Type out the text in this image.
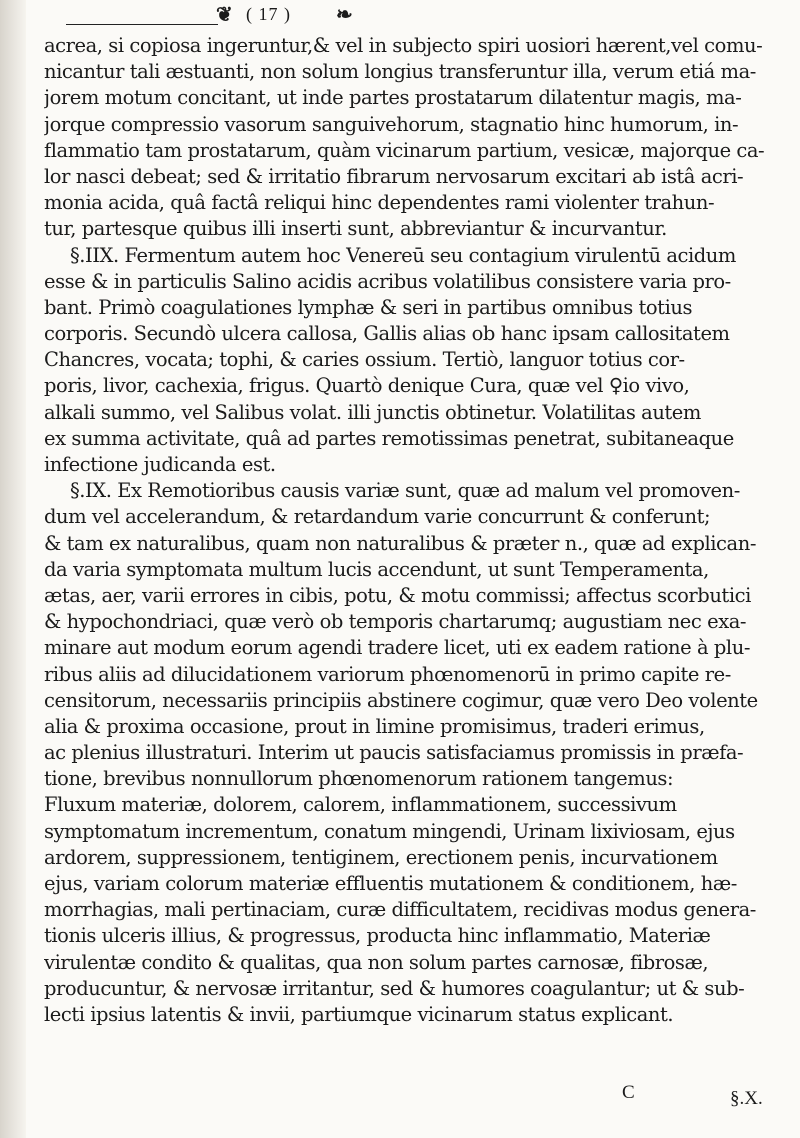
❦ ( 17 ) ❧
acrea, si copiosa ingeruntur,& vel in subjecto spiri uosiori hærent,vel comu-
nicantur tali æstuanti, non solum longius transferuntur illa, verum etiá ma-
jorem motum concitant, ut inde partes prostatarum dilatentur magis, ma-
jorque compressio vasorum sanguivehorum, stagnatio hinc humorum, in-
flammatio tam prostatarum, quàm vicinarum partium, vesicæ, majorque ca-
lor nasci debeat; sed & irritatio fibrarum nervosarum excitari ab istâ acri-
monia acida, quâ factâ reliqui hinc dependentes rami violenter trahun-
tur, partesque quibus illi inserti sunt, abbreviantur & incurvantur.
§.IIX. Fermentum autem hoc Venereū seu contagium virulentū acidum
esse & in particulis Salino acidis acribus volatilibus consistere varia pro-
bant. Primò coagulationes lymphæ & seri in partibus omnibus totius
corporis. Secundò ulcera callosa, Gallis alias ob hanc ipsam callositatem
Chancres, vocata; tophi, & caries ossium. Tertiò, languor totius cor-
poris, livor, cachexia, frigus. Quartò denique Cura, quæ vel ♀io vivo,
alkali summo, vel Salibus volat. illi junctis obtinetur. Volatilitas autem
ex summa activitate, quâ ad partes remotissimas penetrat, subitaneaque
infectione judicanda est.
§.IX. Ex Remotioribus causis variæ sunt, quæ ad malum vel promoven-
dum vel accelerandum, & retardandum varie concurrunt & conferunt;
& tam ex naturalibus, quam non naturalibus & præter n., quæ ad explican-
da varia symptomata multum lucis accendunt, ut sunt Temperamenta,
ætas, aer, varii errores in cibis, potu, & motu commissi; affectus scorbutici
& hypochondriaci, quæ verò ob temporis chartarumq; augustiam nec exa-
minare aut modum eorum agendi tradere licet, uti ex eadem ratione à plu-
ribus aliis ad dilucidationem variorum phœnomenorū in primo capite re-
censitorum, necessariis principiis abstinere cogimur, quæ vero Deo volente
alia & proxima occasione, prout in limine promisimus, traderi erimus,
ac plenius illustraturi. Interim ut paucis satisfaciamus promissis in præfa-
tione, brevibus nonnullorum phœnomenorum rationem tangemus:
Fluxum materiæ, dolorem, calorem, inflammationem, successivum
symptomatum incrementum, conatum mingendi, Urinam lixiviosam, ejus
ardorem, suppressionem, tentiginem, erectionem penis, incurvationem
ejus, variam colorum materiæ effluentis mutationem & conditionem, hæ-
morrhagias, mali pertinaciam, curæ difficultatem, recidivas modus genera-
tionis ulceris illius, & progressus, producta hinc inflammatio, Materiæ
virulentæ condito & qualitas, qua non solum partes carnosæ, fibrosæ,
producuntur, & nervosæ irritantur, sed & humores coagulantur; ut & sub-
lecti ipsius latentis & invii, partiumque vicinarum status explicant.
C	§.X.
